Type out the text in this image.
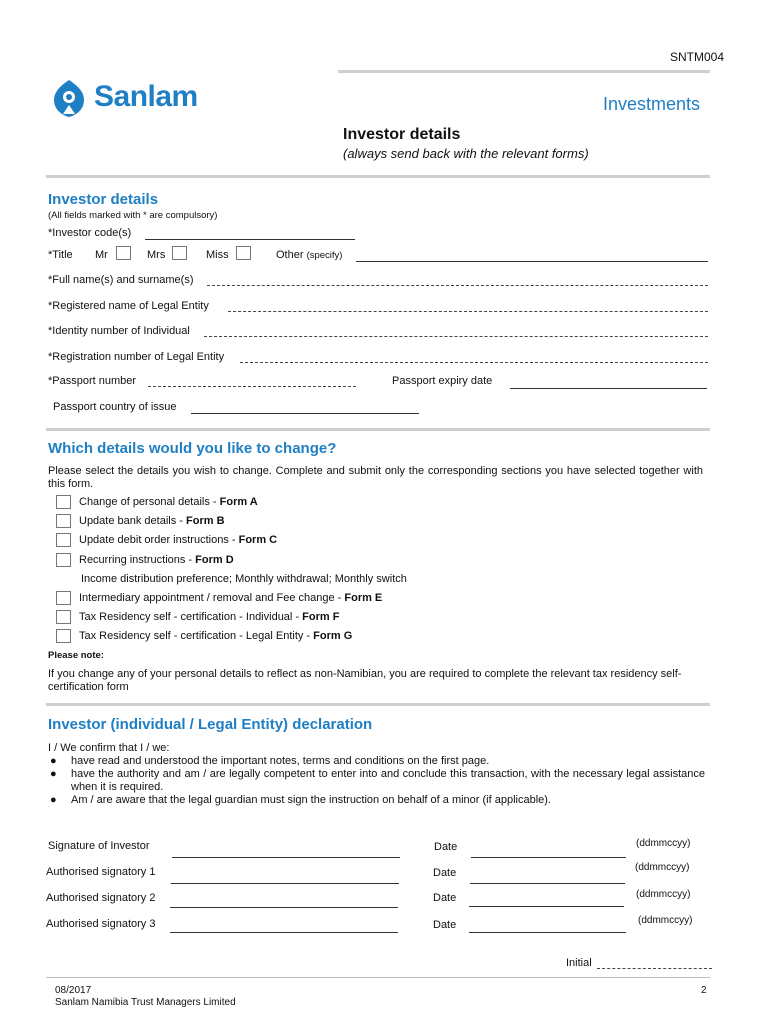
SNTM004
Sanlam	Investments
Investor details
(always send back with the relevant forms)
Investor details
(All fields marked with * are compulsory)
*Investor code(s)
*Title Mr	Mrs	Miss	Other (specify)
*Full name(s) and surname(s)
*Registered name of Legal Entity
*Identity number of Individual
*Registration number of Legal Entity
*Passport number	Passport expiry date
Passport country of issue
Which details would you like to change?
Please select the details you wish to change. Complete and submit only the corresponding sections you have selected together with this form.
Change of personal details - Form A
Update bank details - Form B
Update debit order instructions - Form C
Recurring instructions - Form D
Income distribution preference; Monthly withdrawal; Monthly switch
Intermediary appointment / removal and Fee change - Form E
Tax Residency self - certification - Individual - Form F
Tax Residency self - certification - Legal Entity - Form G
Please note:
If you change any of your personal details to reflect as non-Namibian, you are required to complete the relevant tax residency self-certification form
Investor (individual / Legal Entity) declaration
I / We confirm that I / we:
● have read and understood the important notes, terms and conditions on the first page.
● have the authority and am / are legally competent to enter into and conclude this transaction, with the necessary legal assistance when it is required.
● Am / are aware that the legal guardian must sign the instruction on behalf of a minor (if applicable).
Signature of Investor	Date	(ddmmccyy)
Authorised signatory 1	Date	(ddmmccyy)
Authorised signatory 2	Date	(ddmmccyy)
Authorised signatory 3	Date	(ddmmccyy)
Initial
08/2017
Sanlam Namibia Trust Managers Limited
2
